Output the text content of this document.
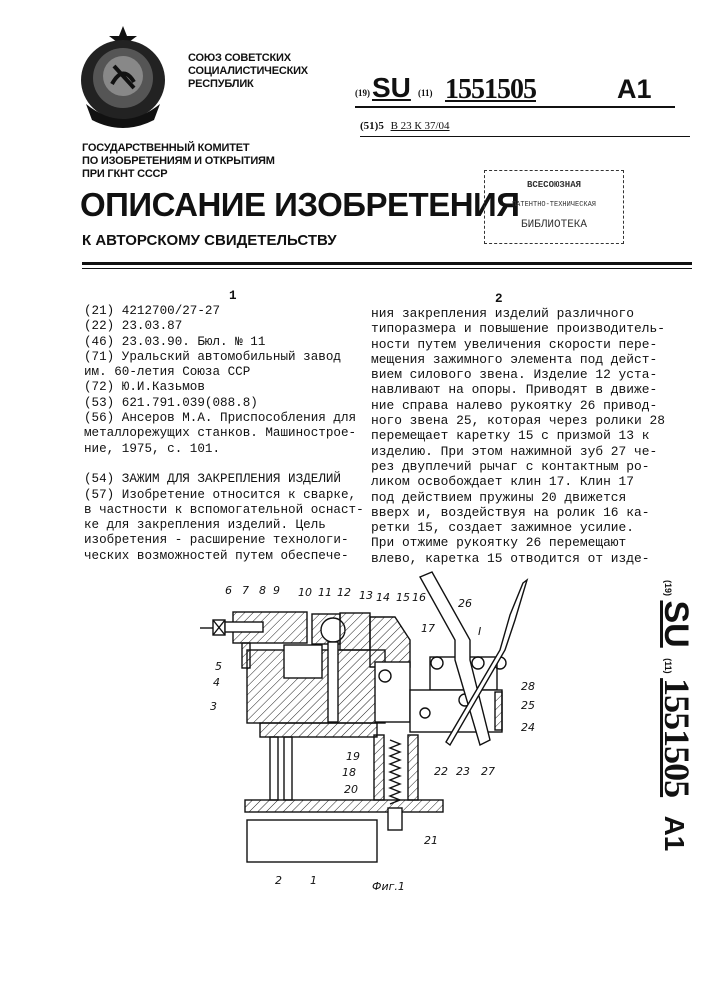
СОЮЗ СОВЕТСКИХ
СОЦИАЛИСТИЧЕСКИХ
РЕСПУБЛИК
(19) SU (11) 1551505	A1
(51)5 В 23 К 37/04
ГОСУДАРСТВЕННЫЙ КОМИТЕТ
ПО ИЗОБРЕТЕНИЯМ И ОТКРЫТИЯМ
ПРИ ГКНТ СССР
ОПИСАНИЕ ИЗОБРЕТЕНИЯ
К АВТОРСКОМУ СВИДЕТЕЛЬСТВУ
ВСЕСОЮЗНАЯ
ПАТЕНТНО-ТЕХНИЧЕСКАЯ
БИБЛИОТЕКА
1
(21) 4212700/27-27
(22) 23.03.87
(46) 23.03.90. Бюл. № 11
(71) Уральский автомобильный завод
им. 60-летия Союза ССР
(72) Ю.И.Казьмов
(53) 621.791.039(088.8)
(56) Ансеров М.А. Приспособления для
металлорежущих станков. Машинострое-
ние, 1975, с. 101.
(54) ЗАЖИМ ДЛЯ ЗАКРЕПЛЕНИЯ ИЗДЕЛИЙ
(57) Изобретение относится к сварке,
в частности к вспомогательной оснаст-
ке для закрепления изделий. Цель
изобретения - расширение технологи-
ческих возможностей путем обеспече-
2
ния закрепления изделий различного
типоразмера и повышение производитель-
ности путем увеличения скорости пере-
мещения зажимного элемента под дейст-
вием силового звена. Изделие 12 уста-
навливают на опоры. Приводят в движе-
ние справа налево рукоятку 26 привод-
ного звена 25, которая через ролики 28
перемещает каретку 15 с призмой 13 к
изделию. При этом нажимной зуб 27 че-
рез двуплечий рычаг с контактным ро-
ликом освобождает клин 17. Клин 17
под действием пружины 20 движется
вверх и, воздействуя на ролик 16 ка-
ретки 15, создает зажимное усилие.
При отжиме рукоятку 26 перемещают
влево, каретка 15 отводится от изде-
6 7 8 9 10 11 12 13 14 15 16
17
26
I
5
4
3
28
25
24
19
18
20
22 23 27
21
2	1	Фиг.1
(19) SU (11) 1551505 A1
